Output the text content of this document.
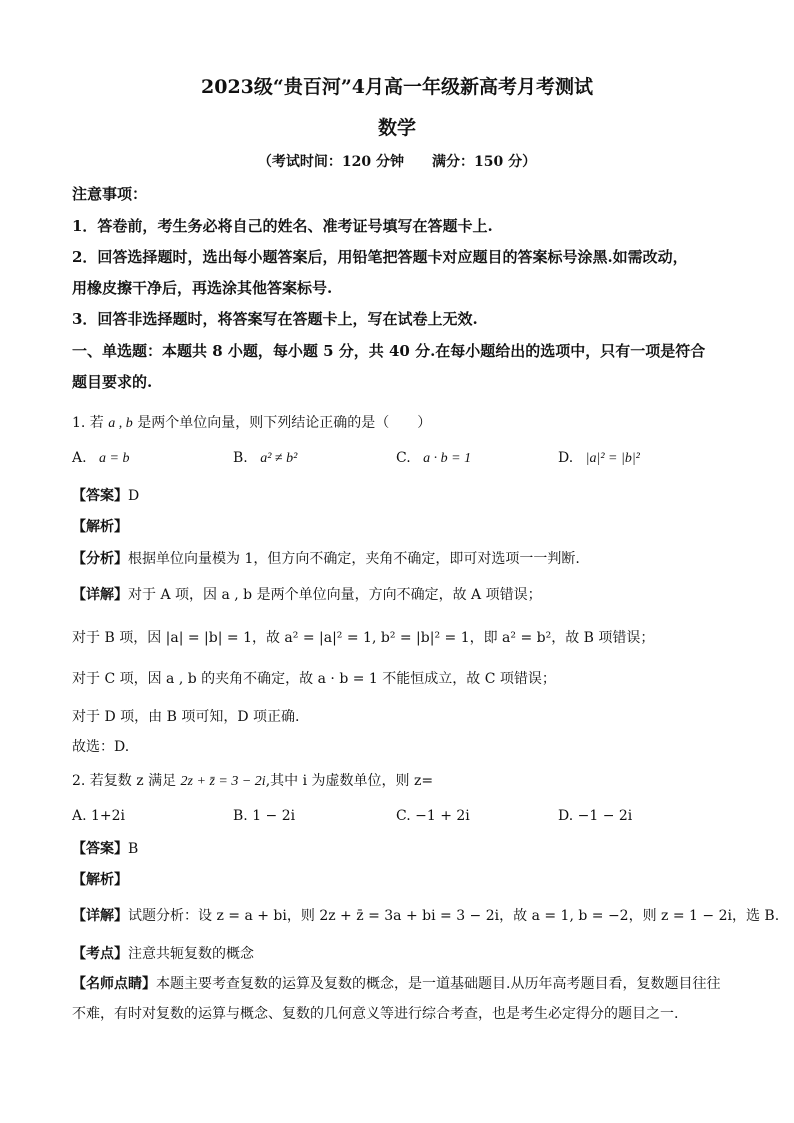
2023级“贵百河”4月高一年级新高考月考测试
数学
（考试时间：120 分钟　　满分：150 分）
注意事项：
1．答卷前，考生务必将自己的姓名、准考证号填写在答题卡上.
2．回答选择题时，选出每小题答案后，用铅笔把答题卡对应题目的答案标号涂黑.如需改动，
用橡皮擦干净后，再选涂其他答案标号.
3．回答非选择题时，将答案写在答题卡上，写在试卷上无效.
一、单选题：本题共 8 小题，每小题 5 分，共 40 分.在每小题给出的选项中，只有一项是符合
题目要求的.
1. 若 a , b 是两个单位向量，则下列结论正确的是（　　）
A. a = b	B. a² ≠ b²	C. a · b = 1	D. |a|² = |b|²
【答案】D
【解析】
【分析】根据单位向量模为 1，但方向不确定，夹角不确定，即可对选项一一判断.
【详解】对于 A 项，因 a , b 是两个单位向量，方向不确定，故 A 项错误；
对于 B 项，因 |a| = |b| = 1，故 a² = |a|² = 1, b² = |b|² = 1，即 a² = b²，故 B 项错误；
对于 C 项，因 a , b 的夹角不确定，故 a · b = 1 不能恒成立，故 C 项错误；
对于 D 项，由 B 项可知，D 项正确.
故选：D.
2. 若复数 z 满足 2z + z̄ = 3 − 2i,其中 i 为虚数单位，则 z=
A. 1+2i	B. 1 − 2i	C. −1 + 2i	D. −1 − 2i
【答案】B
【解析】
【详解】试题分析：设 z = a + bi，则 2z + z̄ = 3a + bi = 3 − 2i，故 a = 1, b = −2，则 z = 1 − 2i，选 B.
【考点】注意共轭复数的概念
【名师点睛】本题主要考查复数的运算及复数的概念，是一道基础题目.从历年高考题目看，复数题目往往
不难，有时对复数的运算与概念、复数的几何意义等进行综合考查，也是考生必定得分的题目之一.
